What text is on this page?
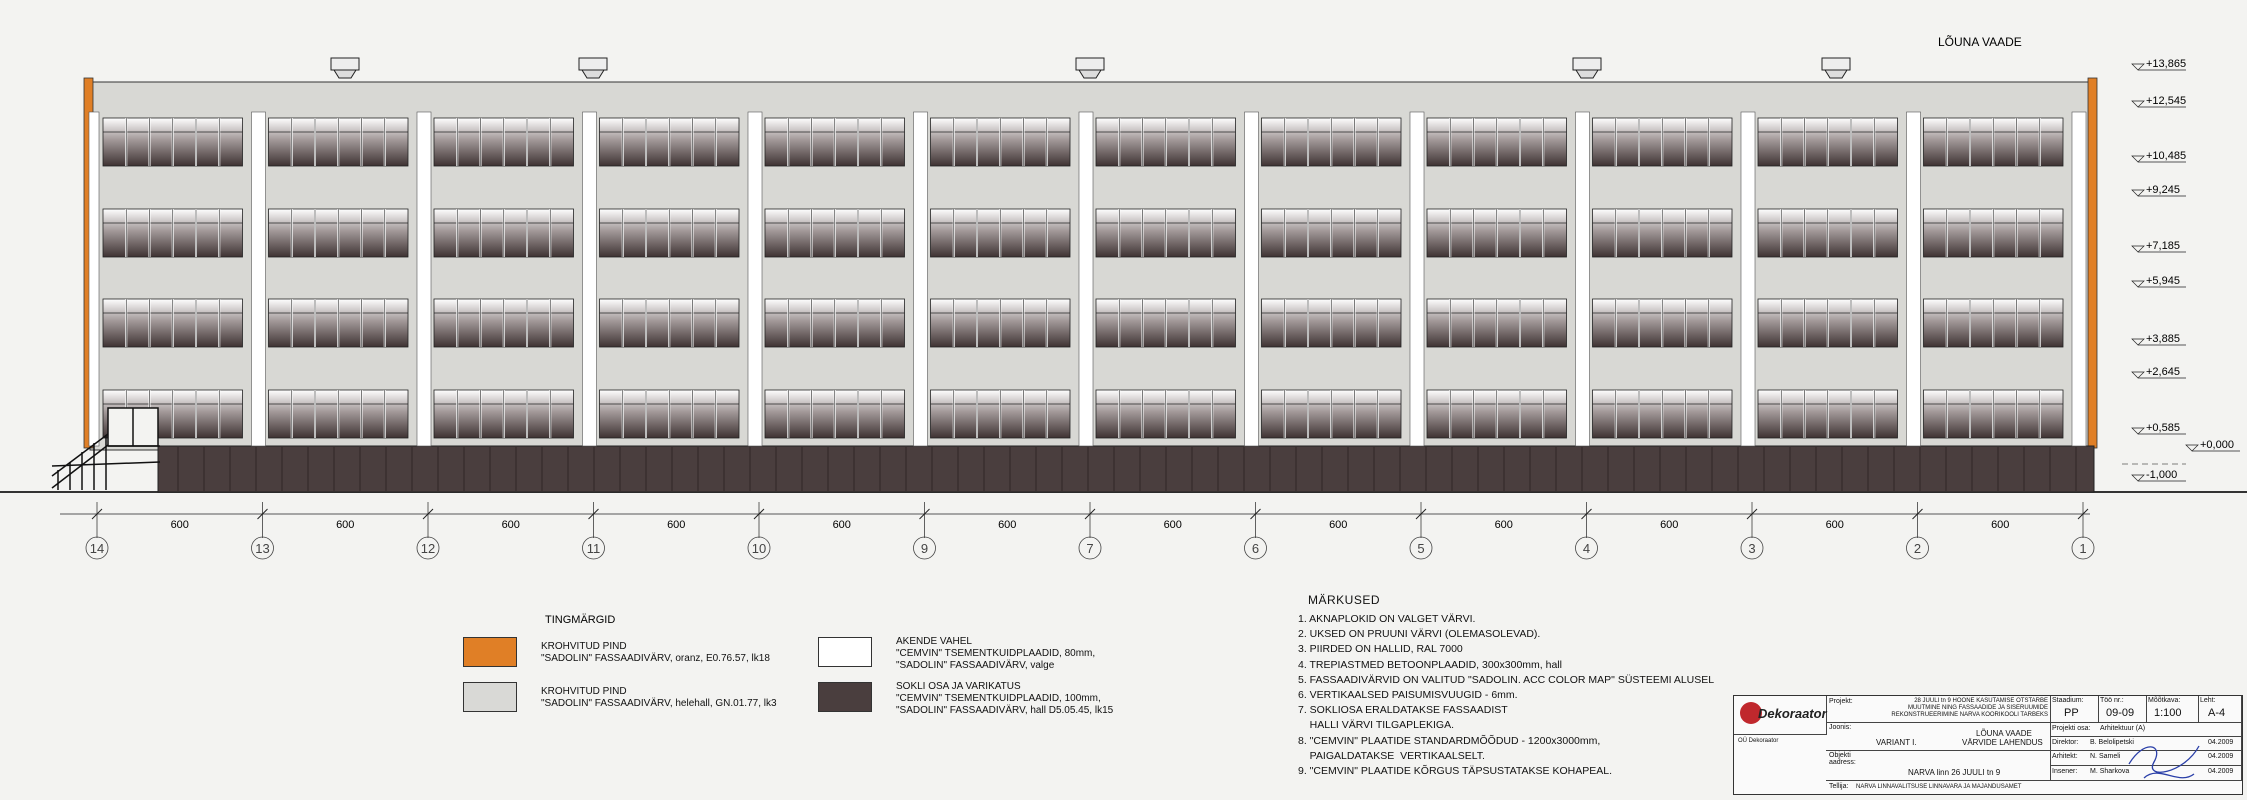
+13,865
+12,545
+10,485
+9,245
+7,185
+5,945
+3,885
+2,645
+0,585
+0,000
-1,000
14
600
13
600
12
600
11
600
10
600
9
600
7
600
6
600
5
600
4
600
3
600
2
600
1
LÕUNA VAADE
TINGMÄRGID
KROHVITUD PIND
"SADOLIN" FASSAADIVÄRV, oranz, E0.76.57, lk18
KROHVITUD PIND
"SADOLIN" FASSAADIVÄRV, helehall, GN.01.77, lk3
AKENDE VAHEL
"CEMVIN" TSEMENTKUIDPLAADID, 80mm,
"SADOLIN" FASSAADIVÄRV, valge
SOKLI OSA JA VARIKATUS
"CEMVIN" TSEMENTKUIDPLAADID, 100mm,
"SADOLIN" FASSAADIVÄRV, hall D5.05.45, lk15
MÄRKUSED
1. AKNAPLOKID ON VALGET VÄRVI.
2. UKSED ON PRUUNI VÄRVI (OLEMASOLEVAD).
3. PIIRDED ON HALLID, RAL 7000
4. TREPIASTMED BETOONPLAADID, 300x300mm, hall
5. FASSAADIVÄRVID ON VALITUD "SADOLIN. ACC COLOR MAP" SÜSTEEMI ALUSEL
6. VERTIKAALSED PAISUMISVUUGID - 6mm.
7. SOKLIOSA ERALDATAKSE FASSAADIST
HALLI VÄRVI TILGAPLEKIGA.
8. "CEMVIN" PLAATIDE STANDARDMÕÕDUD - 1200x3000mm,
PAIGALDATAKSE  VERTIKAALSELT.
9. "CEMVIN" PLAATIDE KÕRGUS TÄPSUSTATAKSE KOHAPEAL.
Dekoraator
OÜ Dekoraator
Projekt:	28 JUULI tn 9 HOONE KASUTAMISE OTSTARBE MUUTMINE NING FASSAADIDE JA SISERUUMIDE REKONSTRUEERIMINE NARVA KOORIKOOLI TARBEKS
Staadium:
PP
Töö nr.:
09-09
Mõõtkava:
1:100
Leht:
A-4
Joonis:
VARIANT I.
LÕUNA VAADE
VÄRVIDE LAHENDUS
Objekti aadress:
NARVA linn 26 JUULI tn 9
Tellija: NARVA LINNAVALITSUSE LINNAVARA JA MAJANDUSAMET
Projekti osa: Arhitektuur (A)
Direktor: B. Belolipetski	04.2009
Arhitekt: N. Sameli	04.2009
Insener: M. Sharkova	04.2009
